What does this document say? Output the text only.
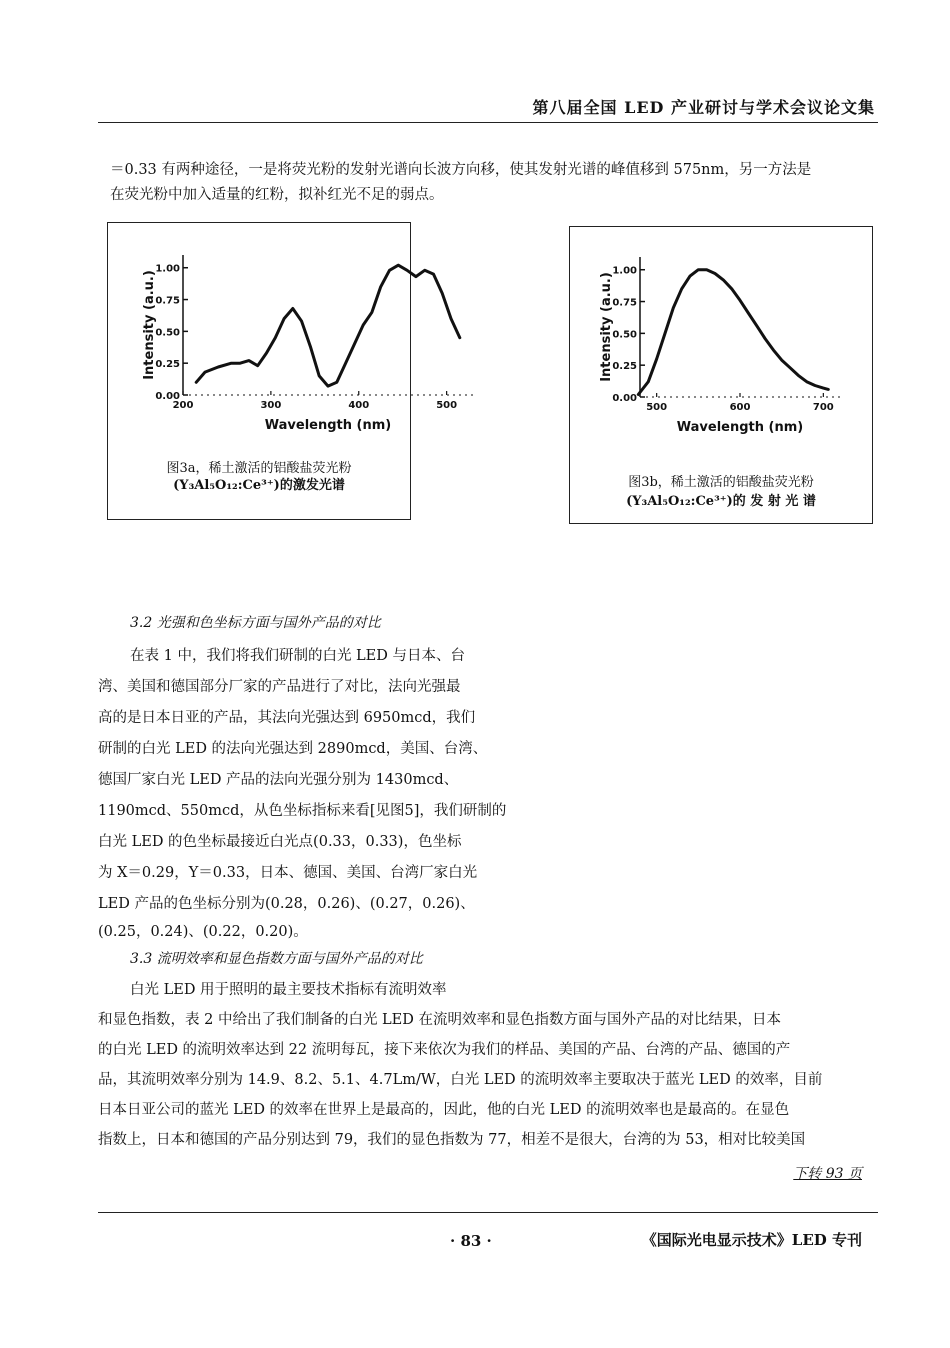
第八届全国 LED 产业研讨与学术会议论文集
＝0.33 有两种途径，一是将荧光粉的发射光谱向长波方向移，使其发射光谱的峰值移到 575nm，另一方法是
在荧光粉中加入适量的红粉，拟补红光不足的弱点。
0.00
0.25
0.50
0.75
1.00
200	300	400	500
Wavelength (nm)
Intensity (a.u.)
图3a，稀土激活的铝酸盐荧光粉
(Y₃Al₅O₁₂:Ce³⁺)的激发光谱
0.00
0.25
0.50
0.75
1.00
500	600	700
Wavelength (nm)
Intensity (a.u.)
图3b，稀土激活的铝酸盐荧光粉
(Y₃Al₅O₁₂:Ce³⁺)的 发 射 光 谱
3.2 光强和色坐标方面与国外产品的对比
在表 1 中，我们将我们研制的白光 LED 与日本、台
湾、美国和德国部分厂家的产品进行了对比，法向光强最
高的是日本日亚的产品，其法向光强达到 6950mcd，我们
研制的白光 LED 的法向光强达到 2890mcd，美国、台湾、
德国厂家白光 LED 产品的法向光强分别为 1430mcd、
1190mcd、550mcd，从色坐标指标来看[见图5]，我们研制的
白光 LED 的色坐标最接近白光点(0.33，0.33)，色坐标
为 X＝0.29，Y＝0.33，日本、德国、美国、台湾厂家白光
LED 产品的色坐标分别为(0.28，0.26)、(0.27，0.26)、
(0.25，0.24)、(0.22，0.20)。
3.3 流明效率和显色指数方面与国外产品的对比
白光 LED 用于照明的最主要技术指标有流明效率
和显色指数，表 2 中给出了我们制备的白光 LED 在流明效率和显色指数方面与国外产品的对比结果，日本
的白光 LED 的流明效率达到 22 流明每瓦，接下来依次为我们的样品、美国的产品、台湾的产品、德国的产
品，其流明效率分别为 14.9、8.2、5.1、4.7Lm/W，白光 LED 的流明效率主要取决于蓝光 LED 的效率，目前
日本日亚公司的蓝光 LED 的效率在世界上是最高的，因此，他的白光 LED 的流明效率也是最高的。在显色
指数上，日本和德国的产品分别达到 79，我们的显色指数为 77，相差不是很大，台湾的为 53，相对比较美国
下转 93 页
· 83 ·	《国际光电显示技术》LED 专刊
